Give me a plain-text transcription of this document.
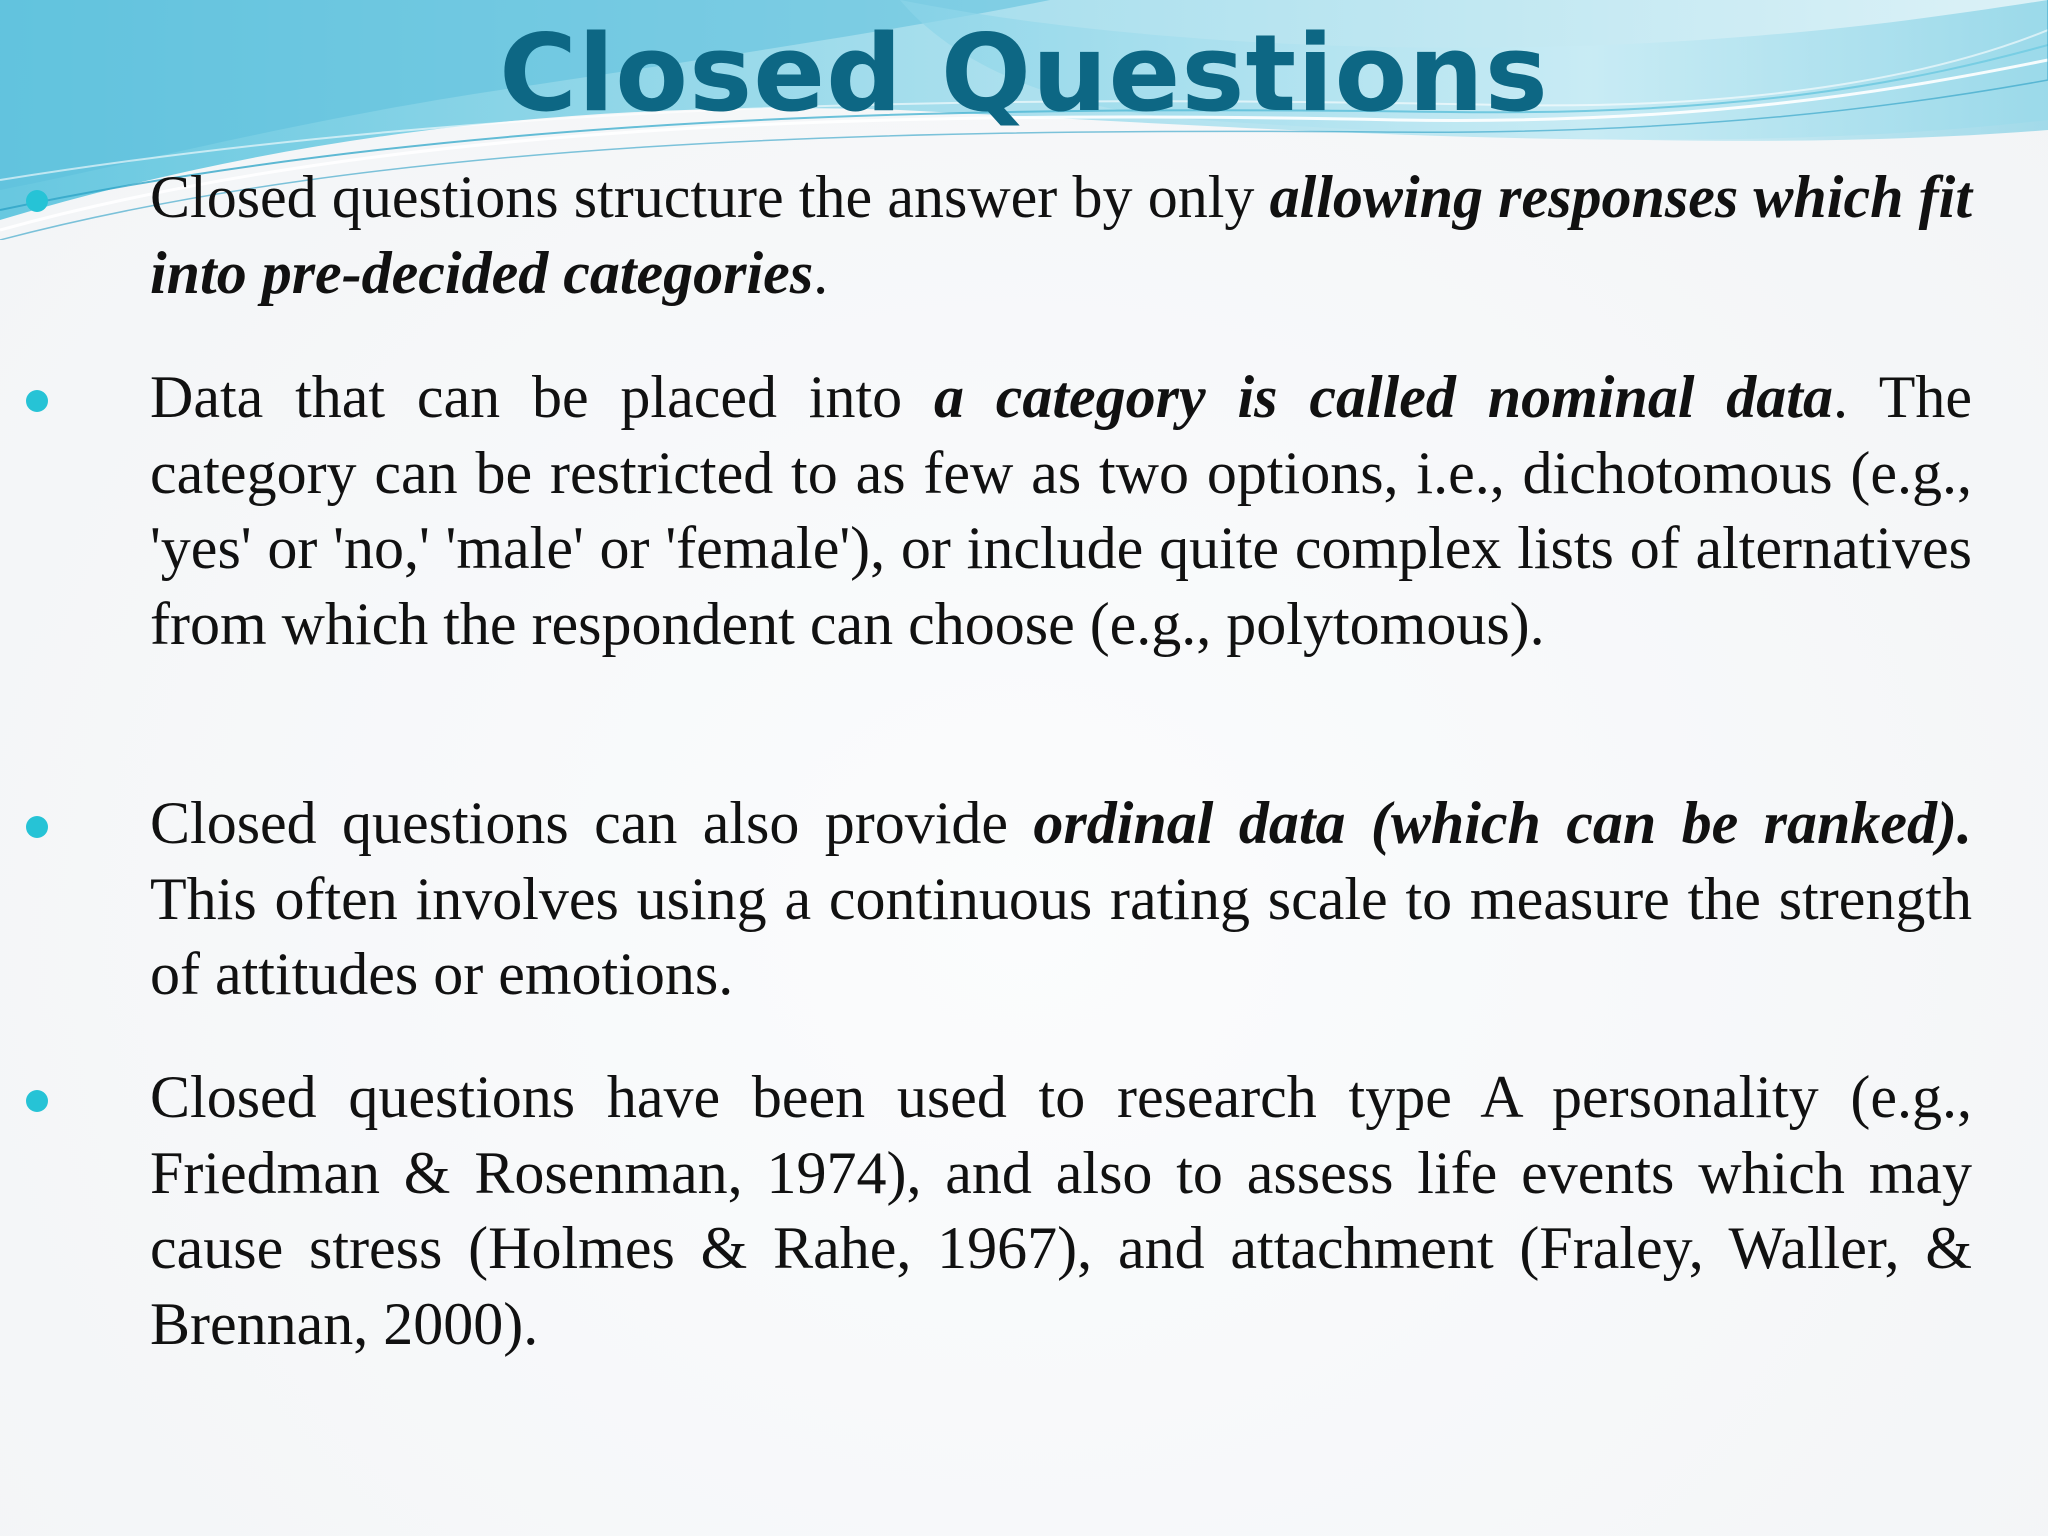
Closed Questions

Closed questions structure the answer by only allowing responses which fit into pre-decided categories.

Data that can be placed into a category is called nominal data. The category can be restricted to as few as two options, i.e., dichotomous (e.g., 'yes' or 'no,' 'male' or 'female'), or include quite complex lists of alternatives from which the respondent can choose (e.g., polytomous).

Closed questions can also provide ordinal data (which can be ranked). This often involves using a continuous rating scale to measure the strength of attitudes or emotions.

Closed questions have been used to research type A personality (e.g., Friedman & Rosenman, 1974), and also to assess life events which may cause stress (Holmes & Rahe, 1967), and attachment (Fraley, Waller, & Brennan, 2000).
